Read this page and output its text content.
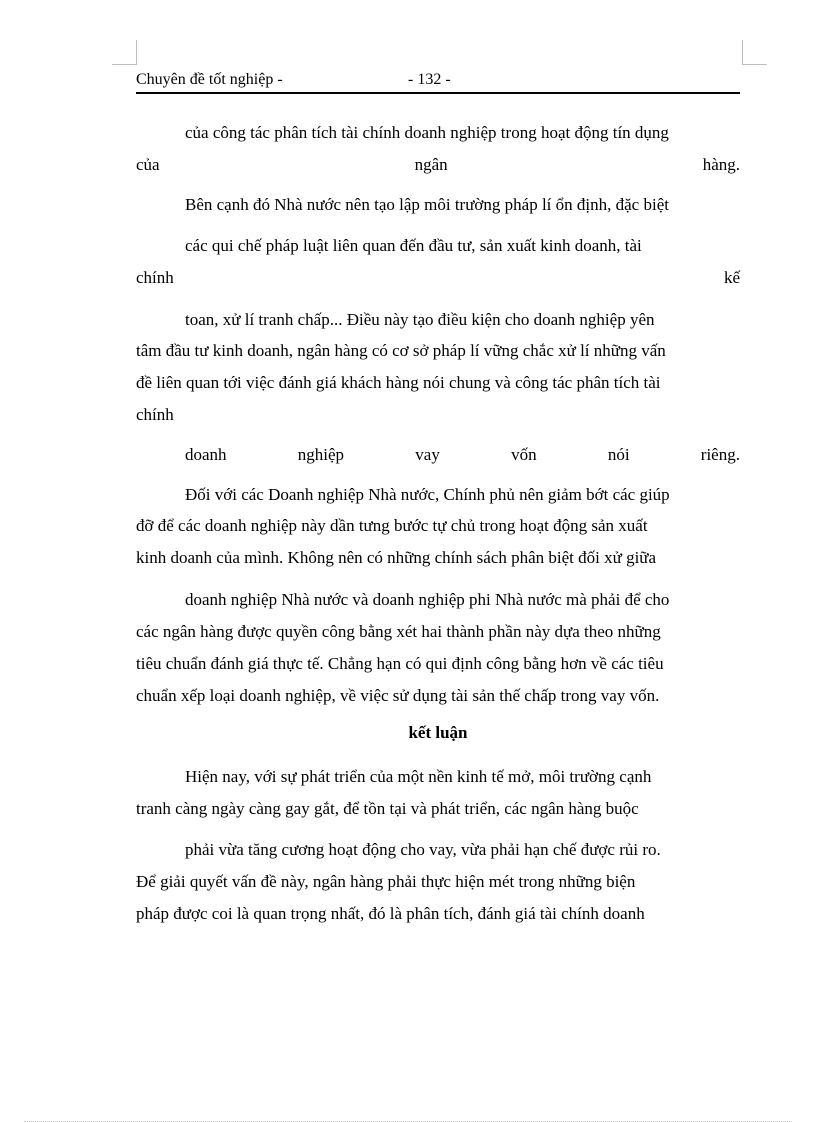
Chuyên đề tốt nghiệp -	- 132 -
của công tác phân tích tài chính doanh nghiệp trong hoạt động tín dụng
của	ngân	hàng.
Bên cạnh đó Nhà nước nên tạo lập môi trường pháp lí ổn định, đặc biệt
các qui chế pháp luật liên quan đến đầu tư, sản xuất kinh doanh, tài
chính	kế
toan, xử lí tranh chấp... Điều này tạo điều kiện cho doanh nghiệp yên
tâm đầu tư kinh doanh, ngân hàng có cơ sở pháp lí vững chắc xử lí những vấn
đề liên quan tới việc đánh giá khách hàng nói chung và công tác phân tích tài
chính
doanh	nghiệp	vay	vốn	nói	riêng.
Đối với các Doanh nghiệp Nhà nước, Chính phủ nên giảm bớt các giúp
đỡ để các doanh nghiệp này dần tưng bước tự chủ trong hoạt động sản xuất
kinh doanh của mình. Không nên có những chính sách phân biệt đối xử giữa
doanh nghiệp Nhà nước và doanh nghiệp phi Nhà nước mà phải để cho
các ngân hàng được quyền công bằng xét hai thành phần này dựa theo những
tiêu chuẩn đánh giá thực tế. Chẳng hạn có qui định công bằng hơn về các tiêu
chuẩn xếp loại doanh nghiệp, về việc sử dụng tài sản thế chấp trong vay vốn.
kết luận
Hiện nay, với sự phát triển của một nền kinh tế mở, môi trường cạnh
tranh càng ngày càng gay gắt, để tồn tại và phát triển, các ngân hàng buộc
phải vừa tăng cương hoạt động cho vay, vừa phải hạn chế được rủi ro.
Để giải quyết vấn đề này, ngân hàng phải thực hiện mét trong những biện
pháp được coi là quan trọng nhất, đó là phân tích, đánh giá tài chính doanh
